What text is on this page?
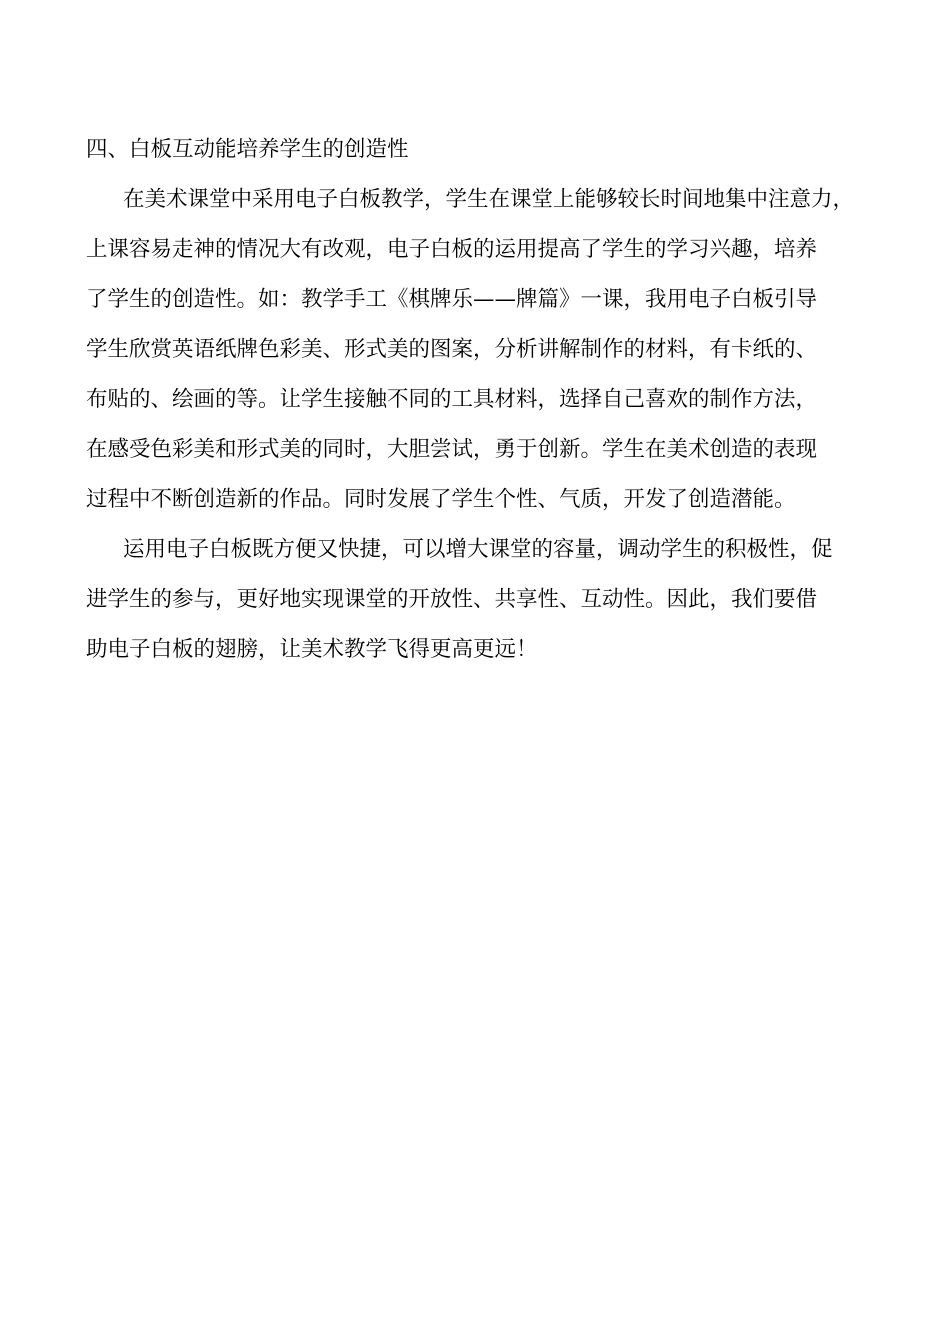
四、白板互动能培养学生的创造性
在美术课堂中采用电子白板教学，学生在课堂上能够较长时间地集中注意力，
上课容易走神的情况大有改观，电子白板的运用提高了学生的学习兴趣，培养
了学生的创造性。如：教学手工《棋牌乐——牌篇》一课，我用电子白板引导
学生欣赏英语纸牌色彩美、形式美的图案，分析讲解制作的材料，有卡纸的、
布贴的、绘画的等。让学生接触不同的工具材料，选择自己喜欢的制作方法，
在感受色彩美和形式美的同时，大胆尝试，勇于创新。学生在美术创造的表现
过程中不断创造新的作品。同时发展了学生个性、气质，开发了创造潜能。
运用电子白板既方便又快捷，可以增大课堂的容量，调动学生的积极性，促
进学生的参与，更好地实现课堂的开放性、共享性、互动性。因此，我们要借
助电子白板的翅膀，让美术教学飞得更高更远！
